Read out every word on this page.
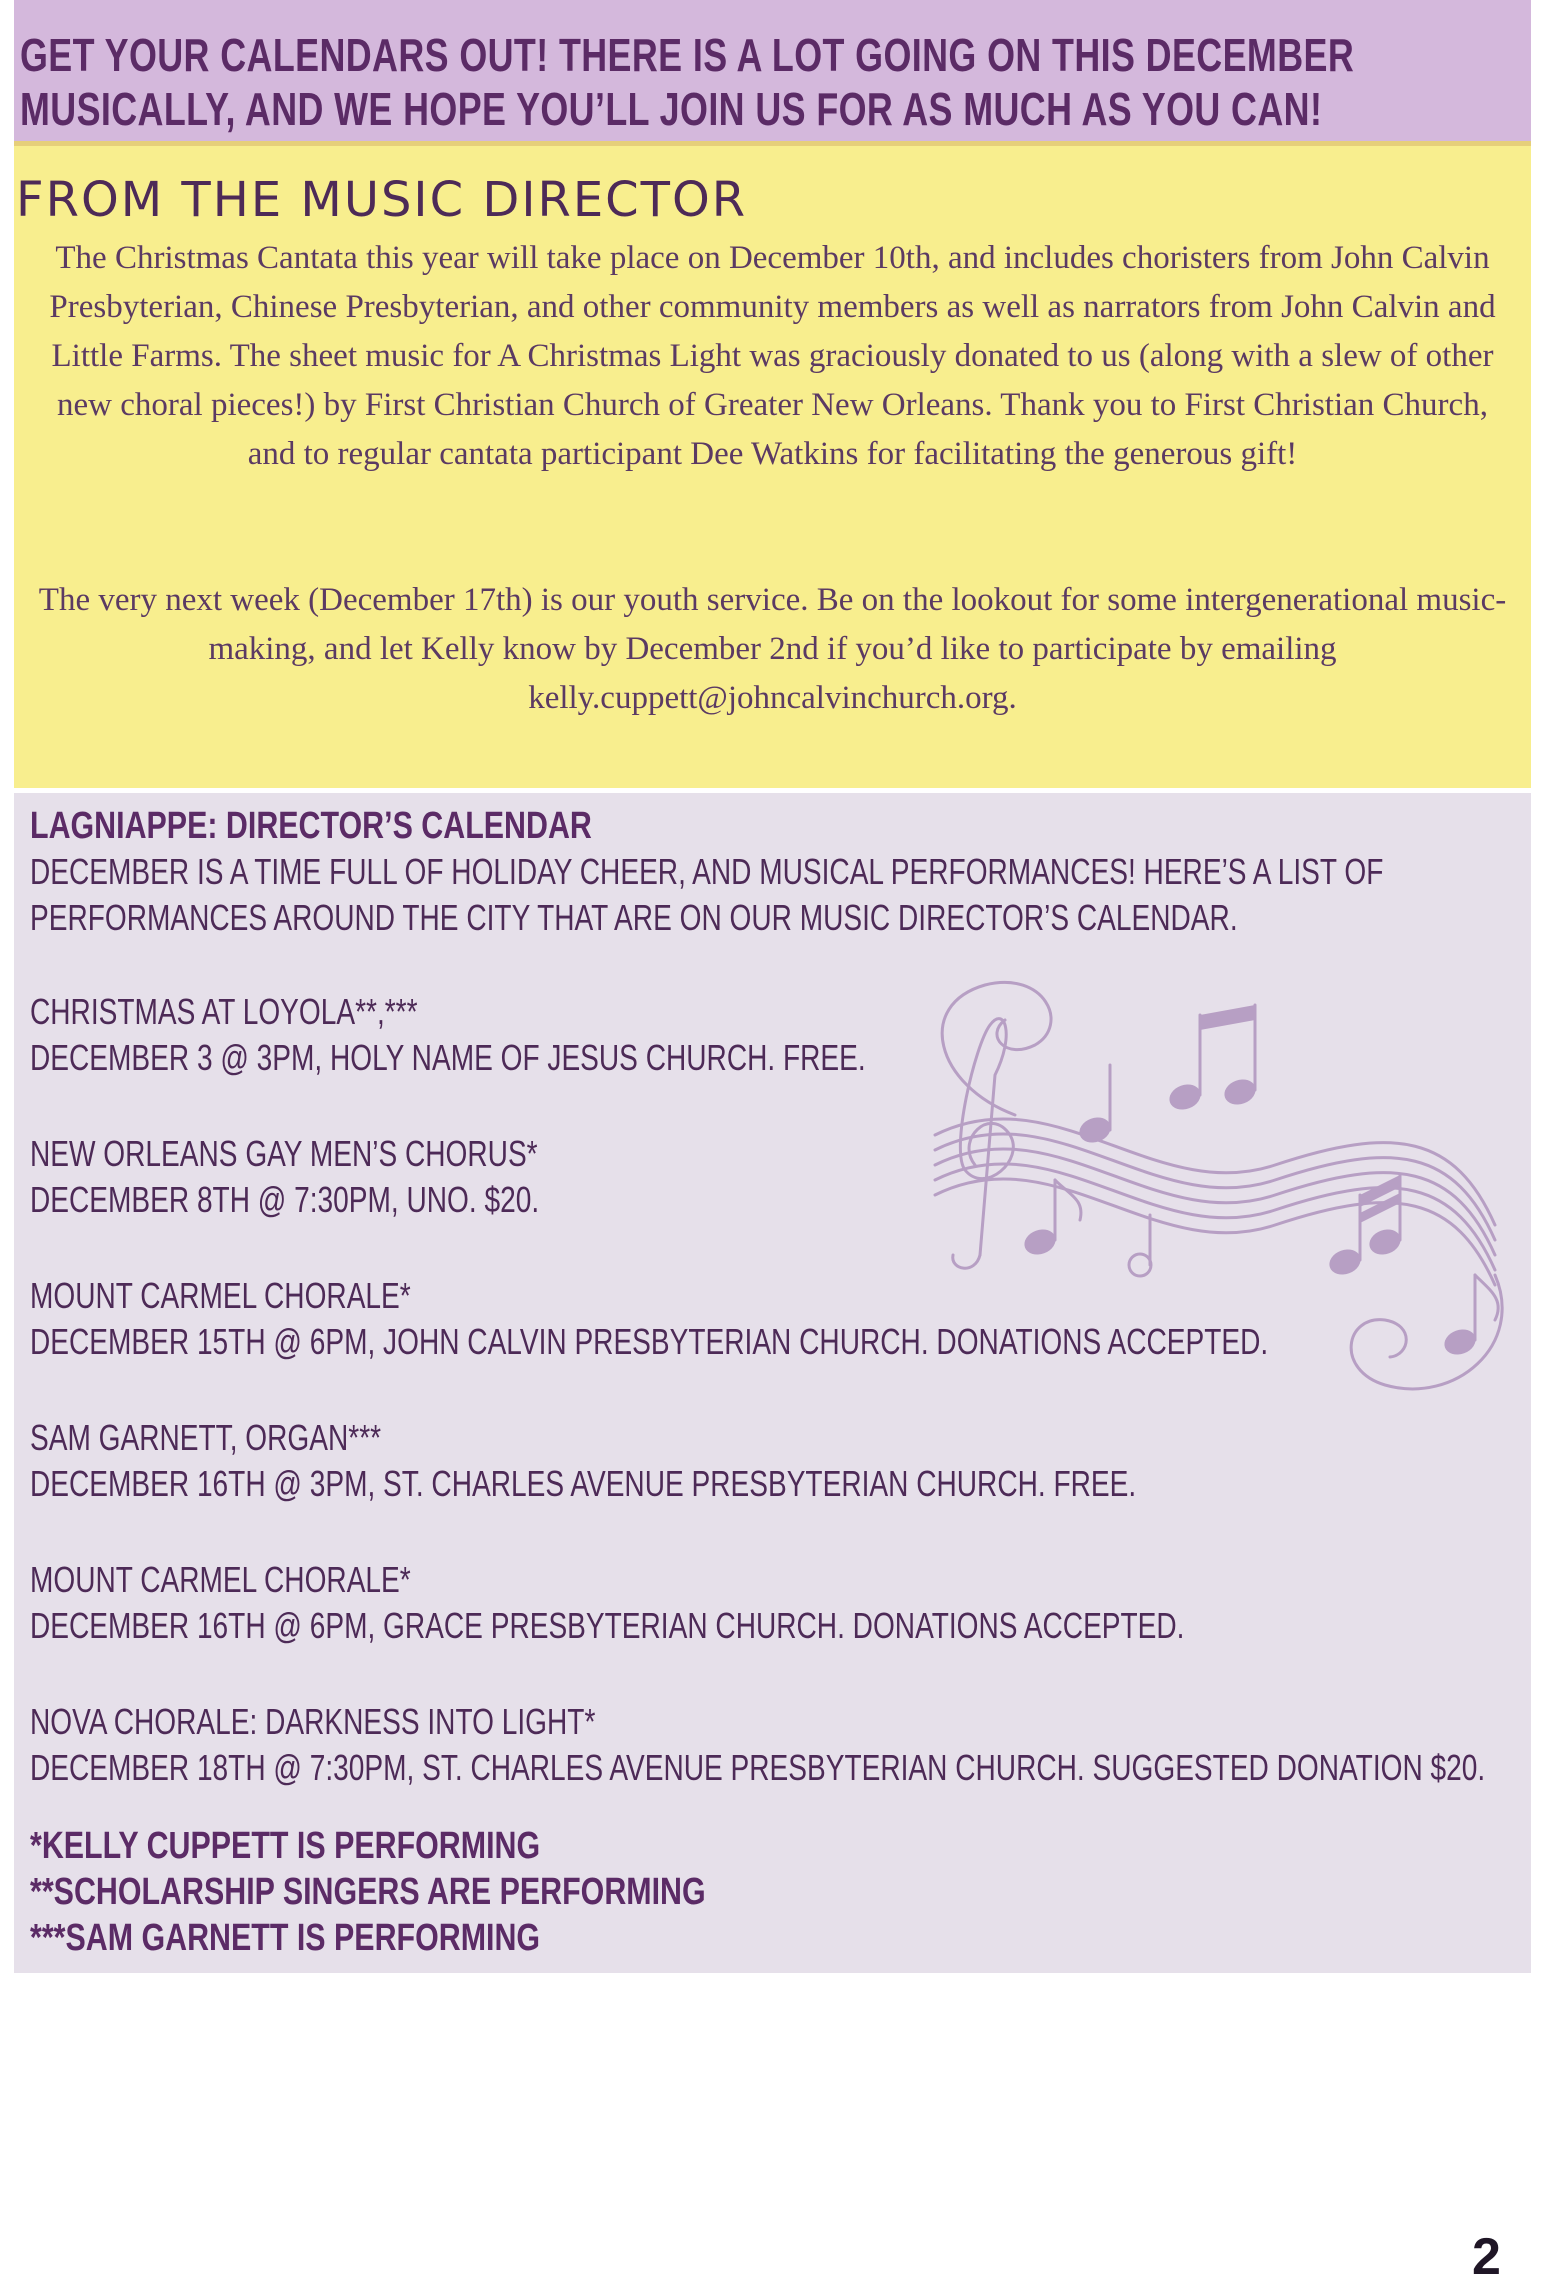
GET YOUR CALENDARS OUT! THERE IS A LOT GOING ON THIS DECEMBER
MUSICALLY, AND WE HOPE YOU’LL JOIN US FOR AS MUCH AS YOU CAN!

FROM THE MUSIC DIRECTOR

The Christmas Cantata this year will take place on December 10th, and includes choristers from John Calvin Presbyterian, Chinese Presbyterian, and other community members as well as narrators from John Calvin and Little Farms. The sheet music for A Christmas Light was graciously donated to us (along with a slew of other new choral pieces!) by First Christian Church of Greater New Orleans. Thank you to First Christian Church, and to regular cantata participant Dee Watkins for facilitating the generous gift!

The very next week (December 17th) is our youth service. Be on the lookout for some intergenerational music-making, and let Kelly know by December 2nd if you’d like to participate by emailing kelly.cuppett@johncalvinchurch.org.

LAGNIAPPE: DIRECTOR’S CALENDAR

DECEMBER IS A TIME FULL OF HOLIDAY CHEER, AND MUSICAL PERFORMANCES! HERE’S A LIST OF

PERFORMANCES AROUND THE CITY THAT ARE ON OUR MUSIC DIRECTOR’S CALENDAR.

CHRISTMAS AT LOYOLA**,***

DECEMBER 3 @ 3PM, HOLY NAME OF JESUS CHURCH. FREE.

NEW ORLEANS GAY MEN’S CHORUS*

DECEMBER 8TH @ 7:30PM, UNO. $20.

MOUNT CARMEL CHORALE*

DECEMBER 15TH @ 6PM, JOHN CALVIN PRESBYTERIAN CHURCH. DONATIONS ACCEPTED.

SAM GARNETT, ORGAN***

DECEMBER 16TH @ 3PM, ST. CHARLES AVENUE PRESBYTERIAN CHURCH. FREE.

MOUNT CARMEL CHORALE*

DECEMBER 16TH @ 6PM, GRACE PRESBYTERIAN CHURCH. DONATIONS ACCEPTED.

NOVA CHORALE: DARKNESS INTO LIGHT*

DECEMBER 18TH @ 7:30PM, ST. CHARLES AVENUE PRESBYTERIAN CHURCH. SUGGESTED DONATION $20.

*KELLY CUPPETT IS PERFORMING

**SCHOLARSHIP SINGERS ARE PERFORMING

***SAM GARNETT IS PERFORMING

2
